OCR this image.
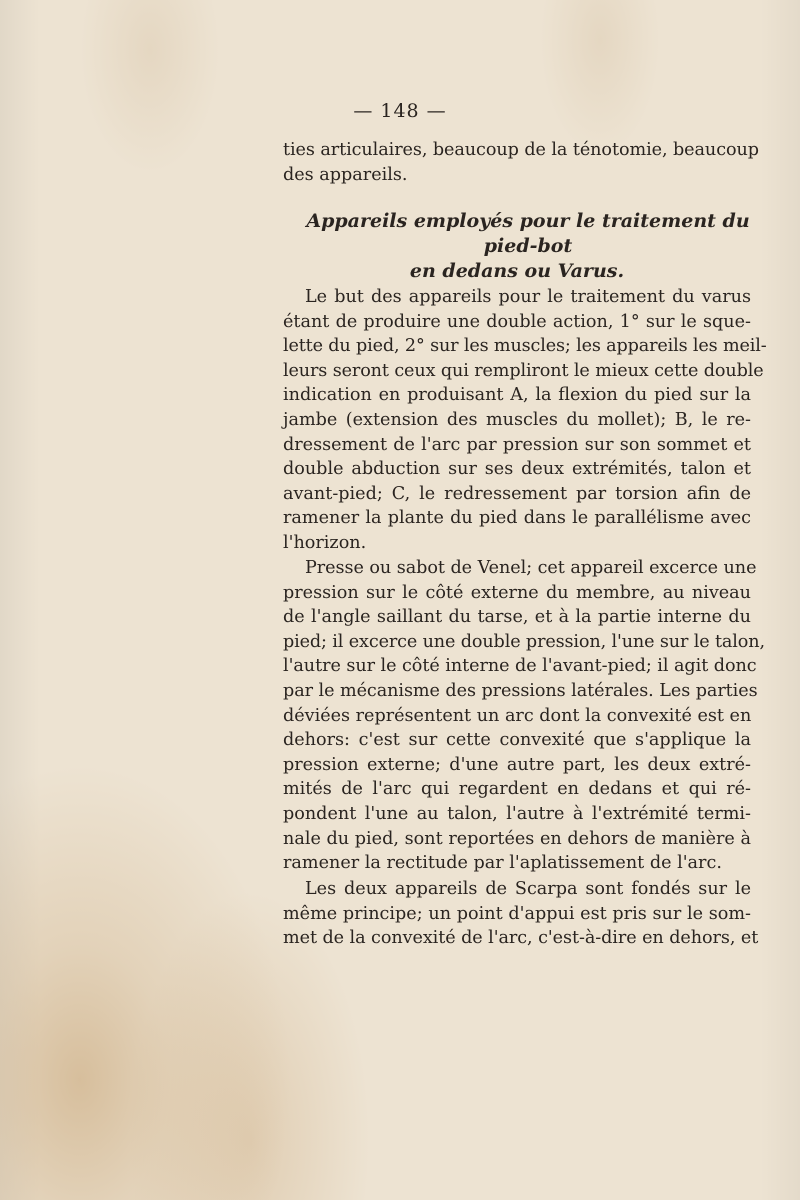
— 148 —
ties articulaires, beaucoup de la ténotomie, beaucoup
des appareils.
Appareils employés pour le traitement du pied-bot
en dedans ou Varus.
Le but des appareils pour le traitement du varus
étant de produire une double action, 1° sur le sque-
lette du pied, 2° sur les muscles; les appareils les meil-
leurs seront ceux qui rempliront le mieux cette double
indication en produisant A, la flexion du pied sur la
jambe (extension des muscles du mollet); B, le re-
dressement de l'arc par pression sur son sommet et
double abduction sur ses deux extrémités, talon et
avant-pied; C, le redressement par torsion afin de
ramener la plante du pied dans le parallélisme avec
l'horizon.
Presse ou sabot de Venel; cet appareil excerce une
pression sur le côté externe du membre, au niveau
de l'angle saillant du tarse, et à la partie interne du
pied; il excerce une double pression, l'une sur le talon,
l'autre sur le côté interne de l'avant-pied; il agit donc
par le mécanisme des pressions latérales. Les parties
déviées représentent un arc dont la convexité est en
dehors: c'est sur cette convexité que s'applique la
pression externe; d'une autre part, les deux extré-
mités de l'arc qui regardent en dedans et qui ré-
pondent l'une au talon, l'autre à l'extrémité termi-
nale du pied, sont reportées en dehors de manière à
ramener la rectitude par l'aplatissement de l'arc.
Les deux appareils de Scarpa sont fondés sur le
même principe; un point d'appui est pris sur le som-
met de la convexité de l'arc, c'est-à-dire en dehors, et
